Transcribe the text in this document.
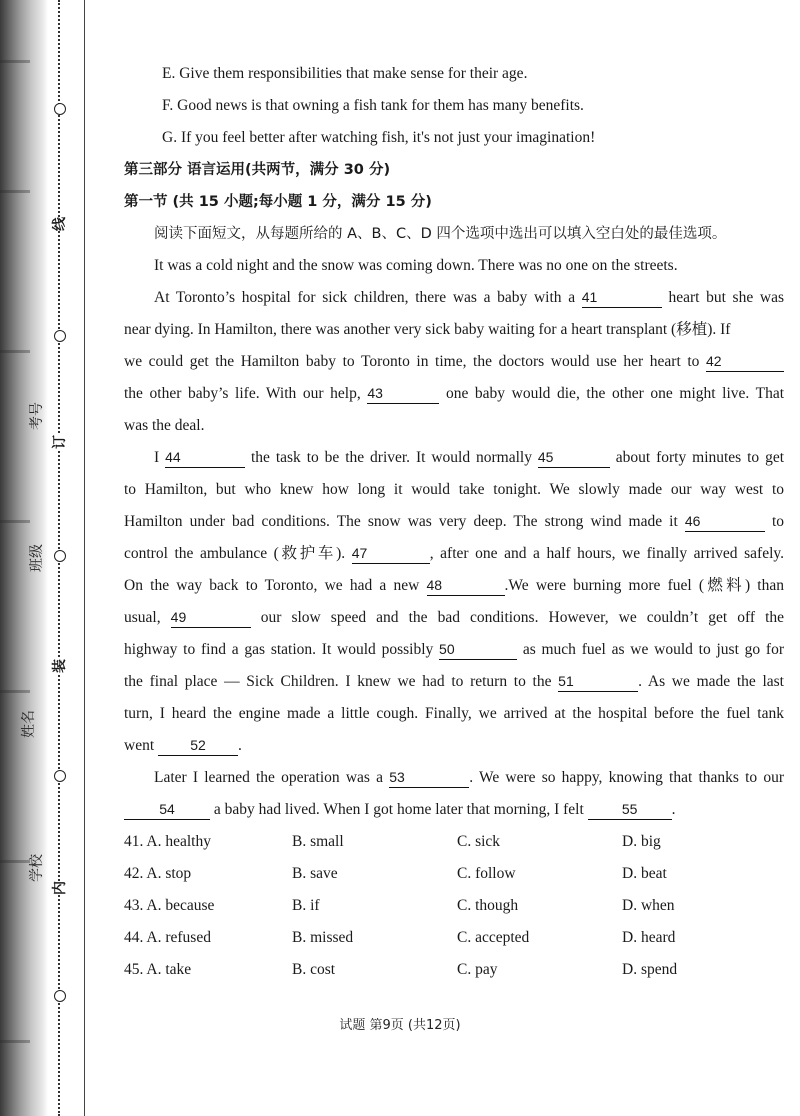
线
订
装
内
考号
班级
姓名
学校
E. Give them responsibilities that make sense for their age.
F. Good news is that owning a fish tank for them has many benefits.
G. If you feel better after watching fish, it's not just your imagination!
第三部分 语言运用(共两节，满分 30 分)
第一节 (共 15 小题;每小题 1 分，满分 15 分)
阅读下面短文，从每题所给的 A、B、C、D 四个选项中选出可以填入空白处的最佳选项。
It was a cold night and the snow was coming down. There was no one on the streets.
At Toronto’s hospital for sick children, there was a baby with a 41	heart but she was
near dying. In Hamilton, there was another very sick baby waiting for a heart transplant (移植). If
we could get the Hamilton baby to Toronto in time, the doctors would use her heart to 42
the other baby’s life. With our help, 43	one baby would die, the other one might live. That
was the deal.
I 44	the task to be the driver. It would normally 45	about forty minutes to get
to Hamilton, but who knew how long it would take tonight. We slowly made our way west to
Hamilton under bad conditions. The snow was very deep. The strong wind made it 46	to
control the ambulance (救护车). 47	, after one and a half hours, we finally arrived safely.
On the way back to Toronto, we had a new 48	.We were burning more fuel (燃料) than
usual, 49	our slow speed and the bad conditions. However, we couldn’t get off the
highway to find a gas station. It would possibly 50	as much fuel as we would to just go for
the final place — Sick Children. I knew we had to return to the 51	. As we made the last
turn, I heard the engine made a little cough. Finally, we arrived at the hospital before the fuel tank
went	52 .
Later I learned the operation was a 53	. We were so happy, knowing that thanks to our
54	a baby had lived. When I got home later that morning, I felt	55 .
41. A. healthy	B. small	C. sick	D. big
42. A. stop	B. save	C. follow	D. beat
43. A. because	B. if	C. though	D. when
44. A. refused	B. missed	C. accepted	D. heard
45. A. take	B. cost	C. pay	D. spend
试题 第9页 (共12页)
